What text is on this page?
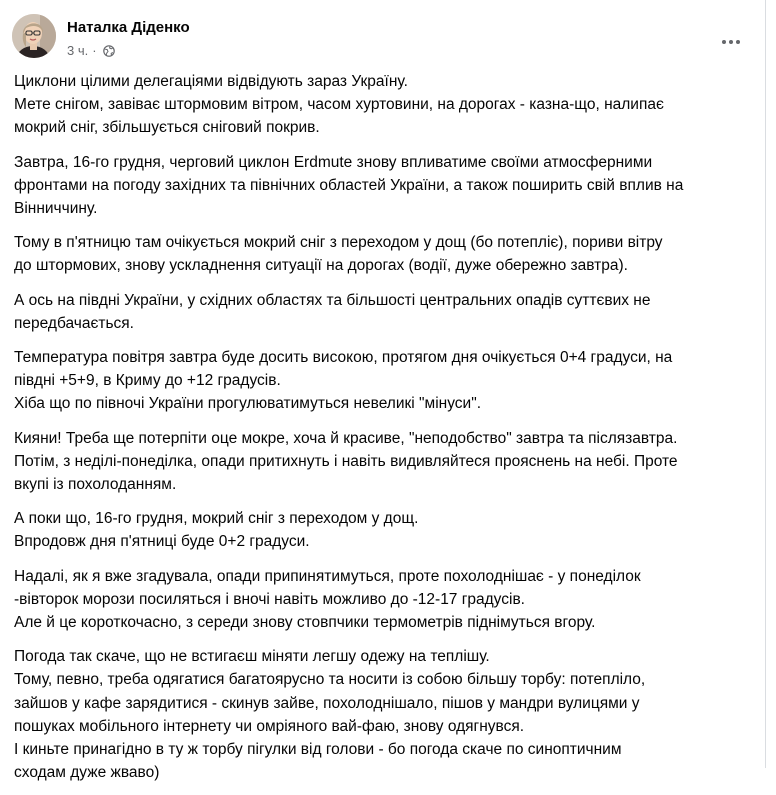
Наталка Діденко
3 ч. ·
Циклони цілими делегаціями відвідують зараз Україну.
Мете снігом, завіває штормовим вітром, часом хуртовини, на дорогах - казна-що, налипає
мокрий сніг, збільшується сніговий покрив.
Завтра, 16-го грудня, черговий циклон Erdmute знову впливатиме своїми атмосферними
фронтами на погоду західних та північних областей України, а також поширить свій вплив на
Вінниччину.
Тому в п'ятницю там очікується мокрий сніг з переходом у дощ (бо потепліє), пориви вітру
до штормових, знову ускладнення ситуації на дорогах (водії, дуже обережно завтра).
А ось на півдні України, у східних областях та більшості центральних опадів суттєвих не
передбачається.
Температура повітря завтра буде досить високою, протягом дня очікується 0+4 градуси, на
півдні +5+9, в Криму до +12 градусів.
Хіба що по півночі України прогулюватимуться невеликі "мінуси".
Кияни! Треба ще потерпіти оце мокре, хоча й красиве, "неподобство" завтра та післязавтра.
Потім, з неділі-понеділка, опади притихнуть і навіть видивляйтеся прояснень на небі. Проте
вкупі із похолоданням.
А поки що, 16-го грудня, мокрий сніг з переходом у дощ.
Впродовж дня п'ятниці буде 0+2 градуси.
Надалі, як я вже згадувала, опади припинятимуться, проте похолоднішає - у понеділок
-вівторок морози посиляться і вночі навіть можливо до -12-17 градусів.
Але й це короткочасно, з середи знову стовпчики термометрів піднімуться вгору.
Погода так скаче, що не встигаєш міняти легшу одежу на теплішу.
Тому, певно, треба одягатися багатоярусно та носити із собою більшу торбу: потепліло,
зайшов у кафе зарядитися - скинув зайве, похолоднішало, пішов у мандри вулицями у
пошуках мобільного інтернету чи омріяного вай-фаю, знову одягнувся.
І киньте принагідно в ту ж торбу пігулки від голови - бо погода скаче по синоптичним
сходам дуже жваво)
